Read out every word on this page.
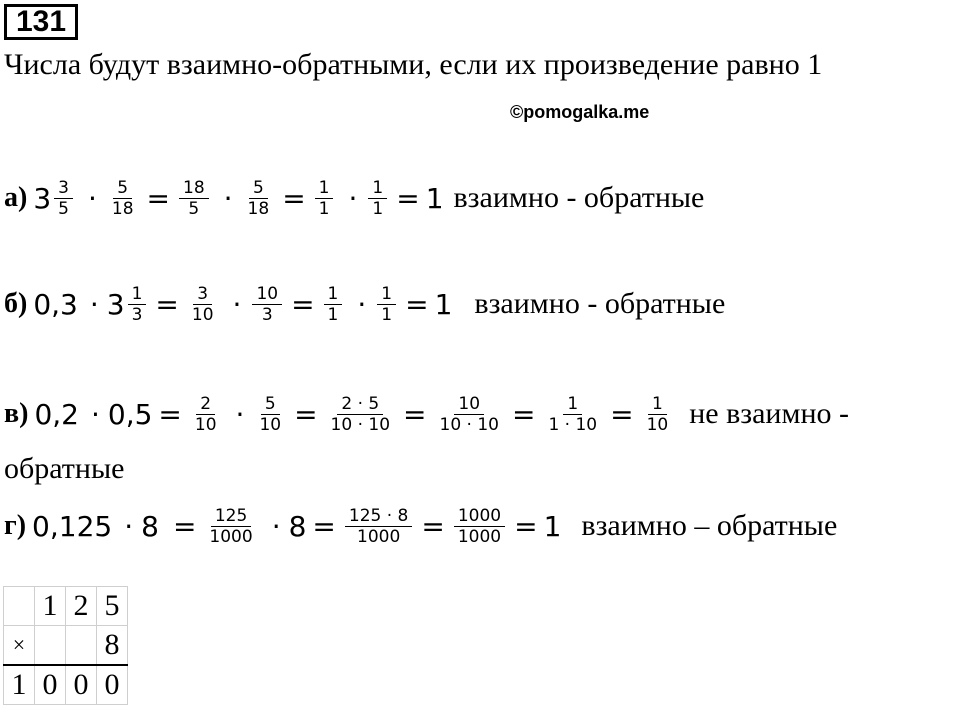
131
Числа будут взаимно-обратными, если их произведение равно 1
©pomogalka.me
а) $3 \frac{3}{5} \cdot \frac{5}{18} = \frac{18}{5} \cdot \frac{5}{18} = \frac{1}{1} \cdot \frac{1}{1} = 1$ взаимно - обратные
б) $0,3 \cdot 3 \frac{1}{3} = \frac{3}{10} \cdot \frac{10}{3} = \frac{1}{1} \cdot \frac{1}{1} = 1$ взаимно - обратные
в) $0,2 \cdot 0,5 = \frac{2}{10} \cdot \frac{5}{10} = \frac{2 \cdot 5}{10 \cdot 10} = \frac{10}{10 \cdot 10} = \frac{1}{1 \cdot 10} = \frac{1}{10}$ не взаимно -
обратные
г) $0,125 \cdot 8 = \frac{125}{1000} \cdot 8 = \frac{125 \cdot 8}{1000} = \frac{1000}{1000} = 1$ взаимно – обратные
	1	2	5
×			8
1	0	0	0
